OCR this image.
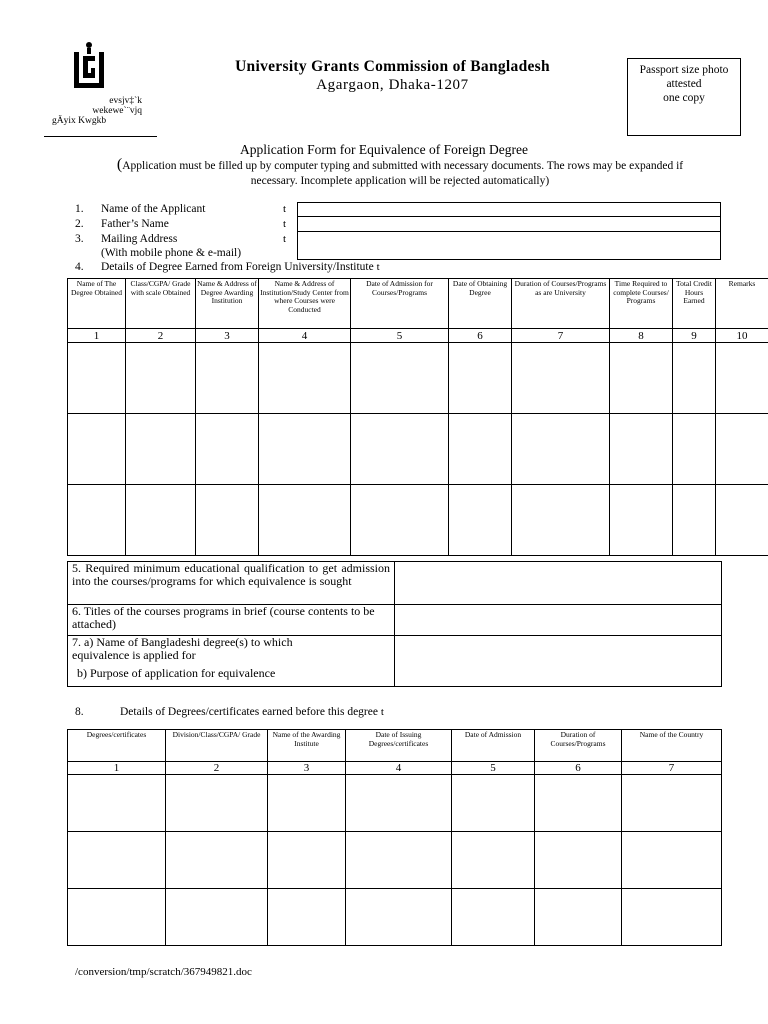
evsjv‡`k
wekewe`¨vjq
gÄyix Kwgkb
University Grants Commission of Bangladesh
Agargaon, Dhaka-1207
Passport size photo
attested
one copy
Application Form for Equivalence of Foreign Degree
(Application must be filled up by computer typing and submitted with necessary documents. The rows may be expanded if
necessary. Incomplete application will be rejected automatically)
1. Name of the Applicant
2. Father’s Name
3. Mailing Address
(With mobile phone & e-mail)
4. Details of Degree Earned from Foreign University/Institute t
t
t
t
Name of The Degree Obtained	Class/CGPA/ Grade with scale Obtained	Name & Address of Degree Awarding Institution	Name & Address of Institution/Study Center from where Courses were Conducted	Date of Admission for Courses/Programs	Date of Obtaining Degree	Duration of Courses/Programs as are University	Time Required to complete Courses/ Programs	Total Credit Hours Earned	Remarks
1	2	3	4	5	6	7	8	9	10

5. Required minimum educational qualification to get admission into the courses/programs for which equivalence is sought	
6. Titles of the courses programs in brief (course contents to be attached)	

7. a) Name of Bangladeshi degree(s) to which equivalence is applied for
b) Purpose of application for equivalence	

8.	Details of Degrees/certificates earned before this degree t
Degrees/certificates	Division/Class/CGPA/ Grade	Name of the Awarding Institute	Date of Issuing Degrees/certificates	Date of Admission	Duration of Courses/Programs	Name of the Country
1	2	3	4	5	6	7

/conversion/tmp/scratch/367949821.doc
